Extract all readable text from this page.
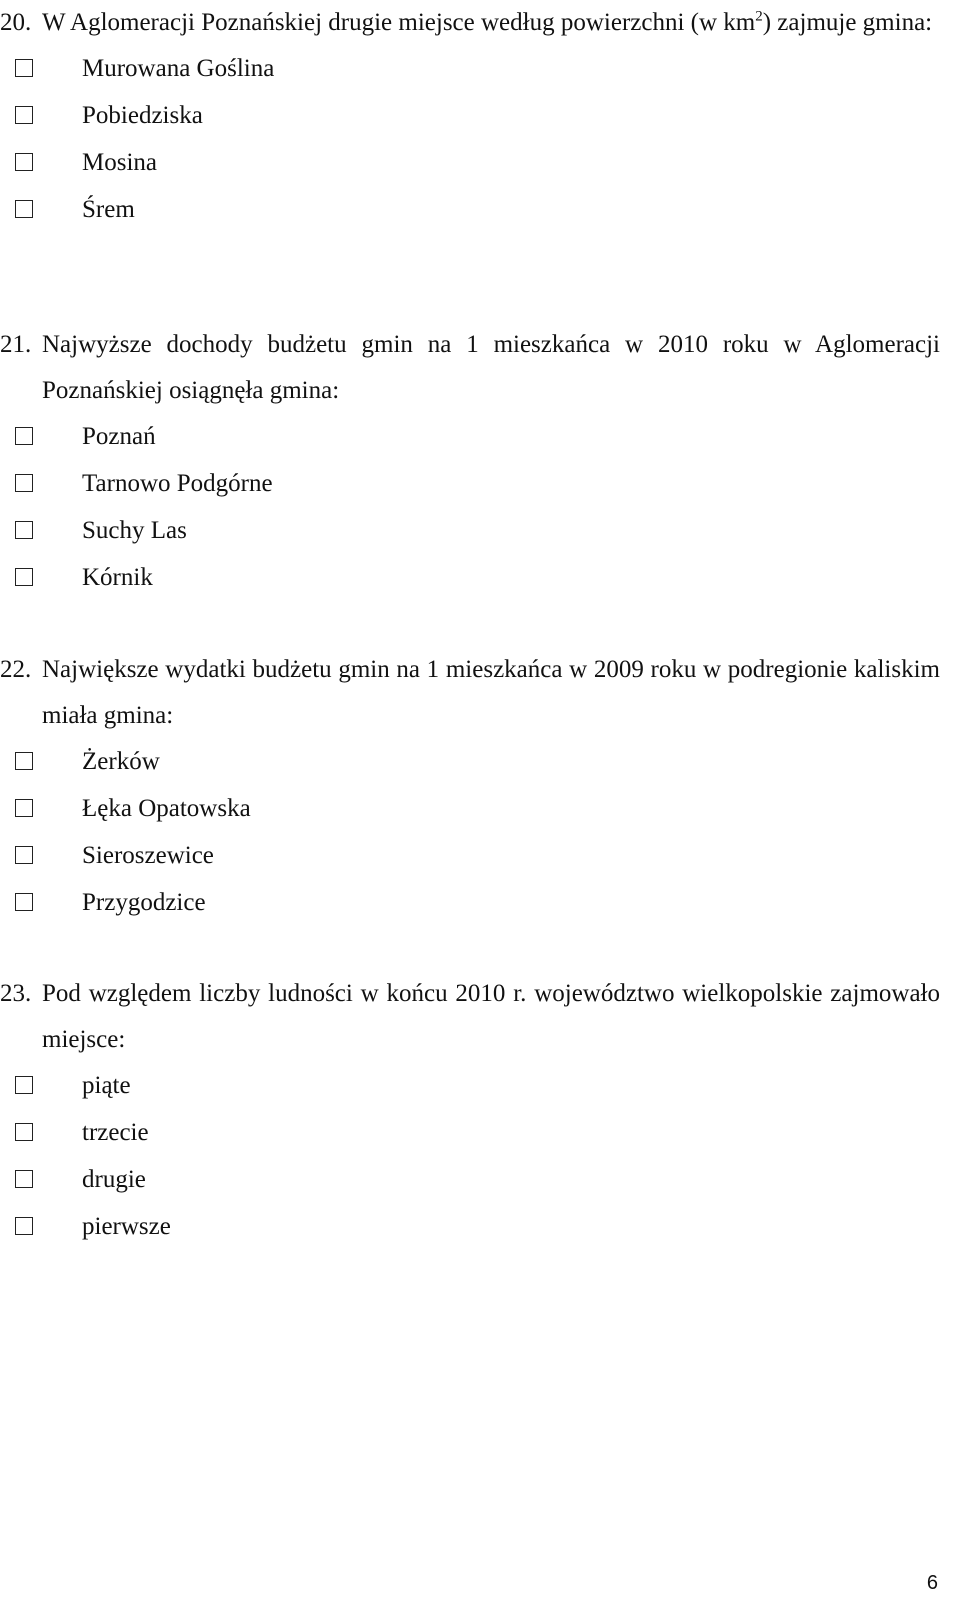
20. W Aglomeracji Poznańskiej drugie miejsce według powierzchni (w $km^2$) zajmuje gmina:

Murowana Goślina
Pobiedziska
Mosina
Śrem

21. Najwyższe dochody budżetu gmin na 1 mieszkańca w 2010 roku w Aglomeracji Poznańskiej osiągnęła gmina:

Poznań
Tarnowo Podgórne
Suchy Las
Kórnik

22. Największe wydatki budżetu gmin na 1 mieszkańca w 2009 roku w podregionie kaliskim miała gmina:

Żerków
Łęka Opatowska
Sieroszewice
Przygodzice

23. Pod względem liczby ludności w końcu 2010 r. województwo wielkopolskie zajmowało miejsce:

piąte
trzecie
drugie
pierwsze
6
